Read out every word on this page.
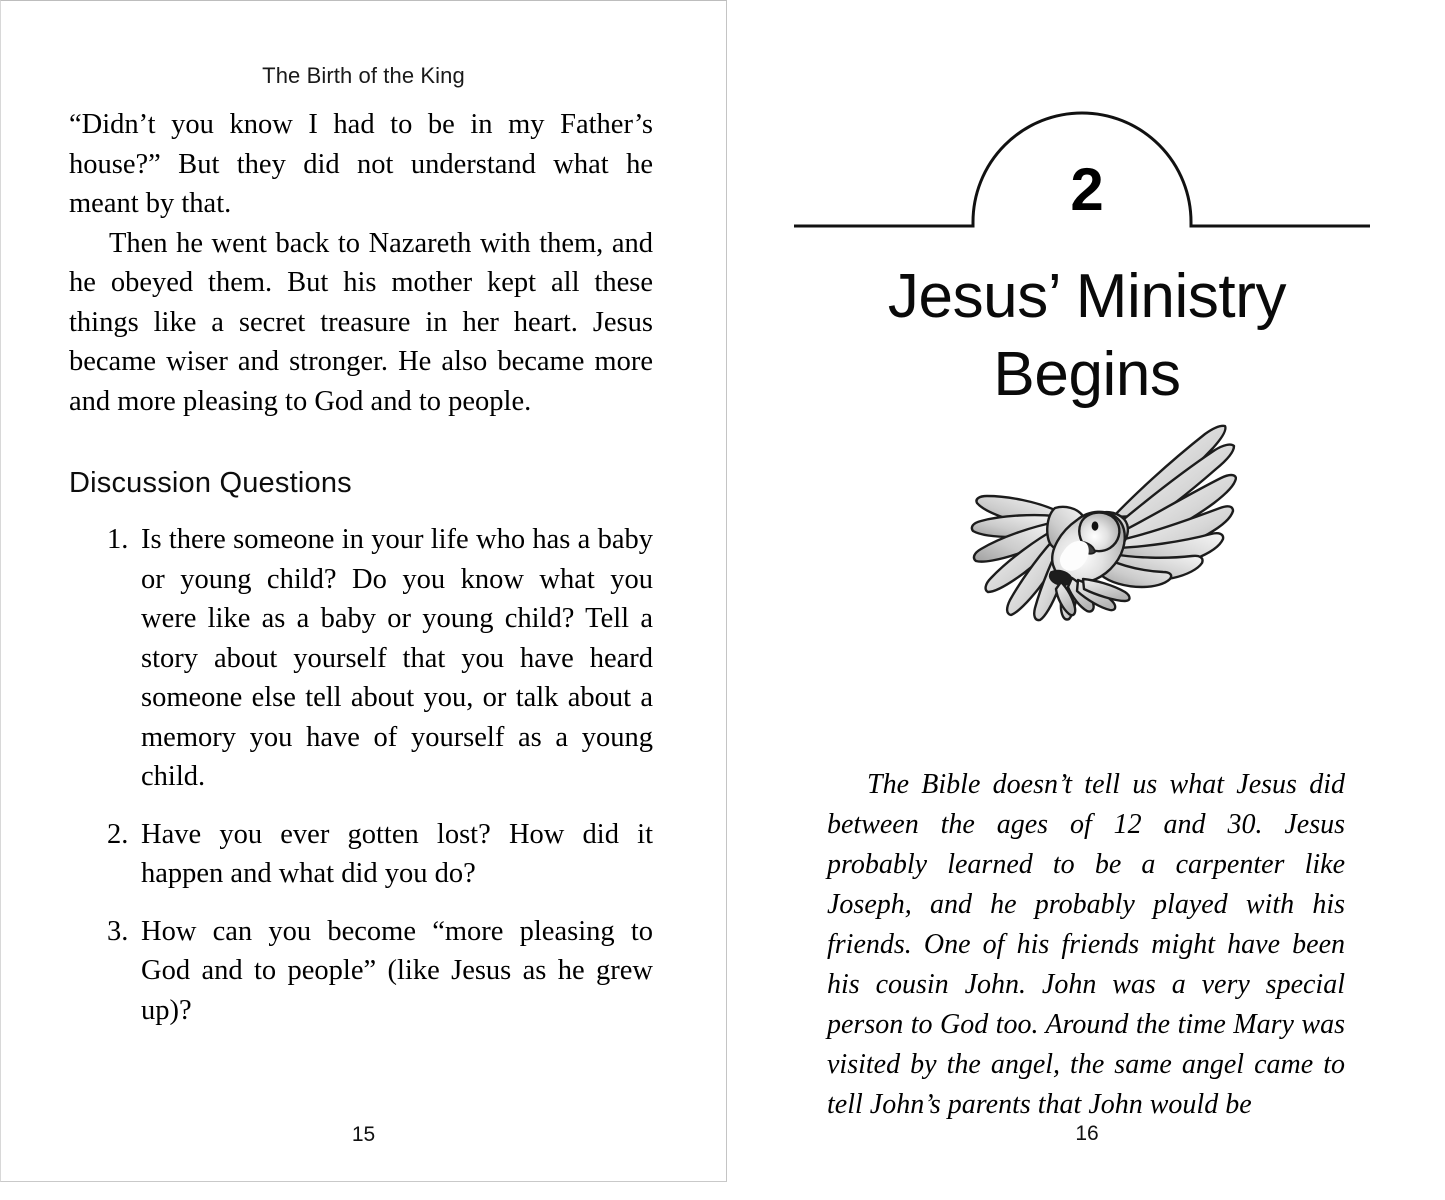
The Birth of the King

“Didn’t you know I had to be in my Father’s house?” But they did not understand what he meant by that.

Then he went back to Nazareth with them, and he obeyed them. But his mother kept all these things like a secret treasure in her heart. Jesus became wiser and stronger. He also became more and more pleasing to God and to people.

Discussion Questions
1. Is there someone in your life who has a baby or young child? Do you know what you were like as a baby or young child? Tell a story about yourself that you have heard someone else tell about you, or talk about a memory you have of yourself as a young child.
2. Have you ever gotten lost? How did it happen and what did you do?
3. How can you become “more pleasing to God and to people” (like Jesus as he grew up)?
15
2
Jesus’ Ministry
Begins

The Bible doesn’t tell us what Jesus did between the ages of 12 and 30. Jesus probably learned to be a carpenter like Joseph, and he probably played with his friends. One of his friends might have been his cousin John. John was a very special person to God too. Around the time Mary was visited by the angel, the same angel came to tell John’s parents that John would be

16
